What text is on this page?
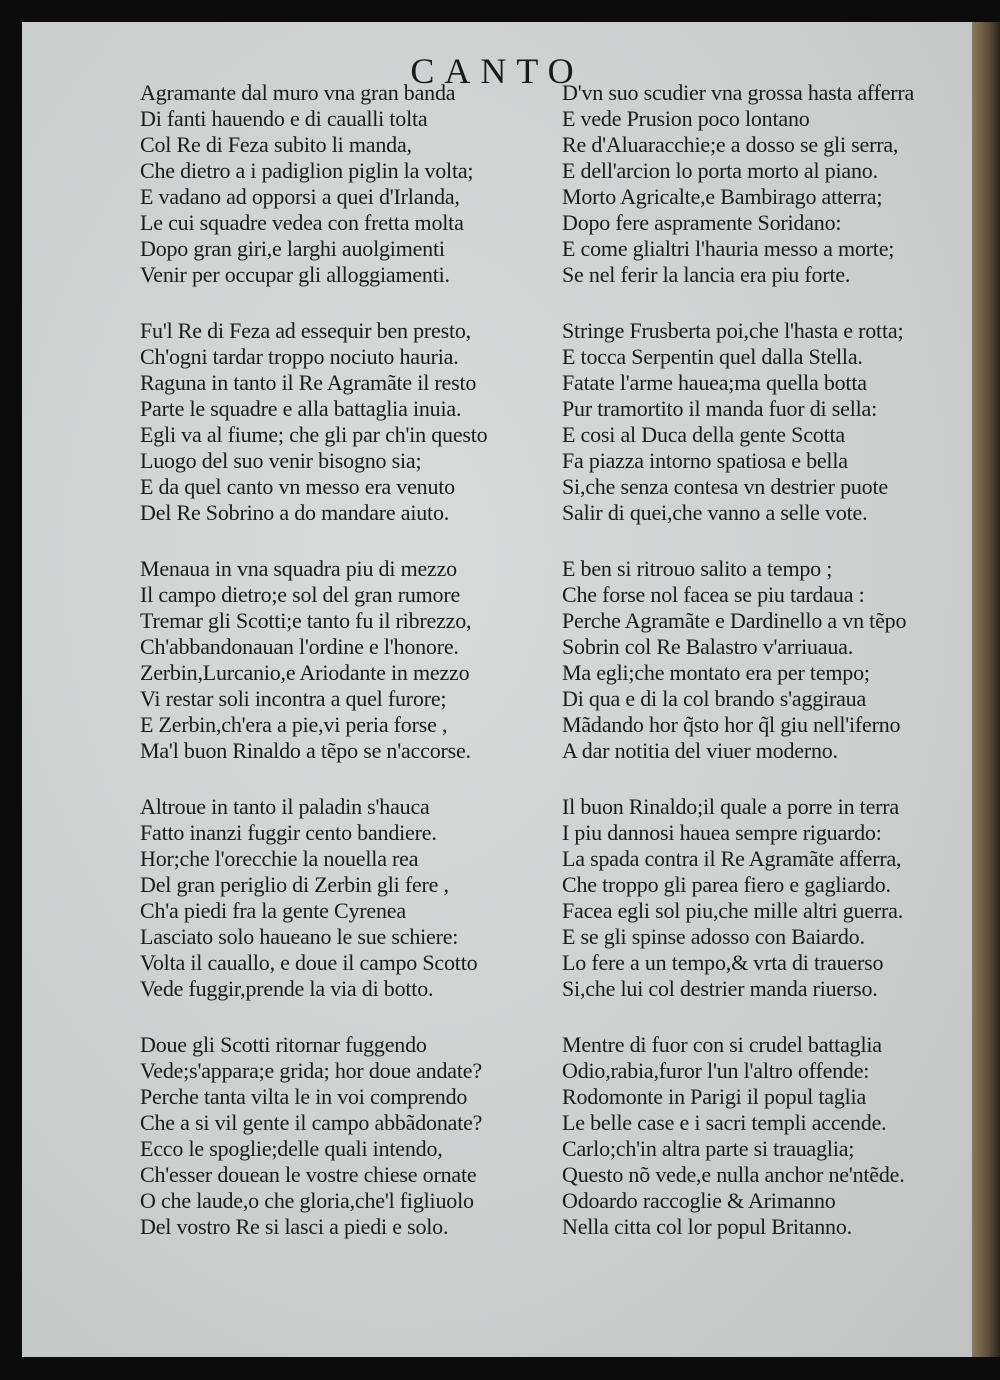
CANTO
Agramante dal muro vna gran banda
Di fanti hauendo e di caualli tolta
Col Re di Feza subito li manda,
Che dietro a i padiglion piglin la volta;
E vadano ad opporsi a quei d'Irlanda,
Le cui squadre vedea con fretta molta
Dopo gran giri,e larghi auolgimenti
Venir per occupar gli alloggiamenti.
Fu'l Re di Feza ad essequir ben presto,
Ch'ogni tardar troppo nociuto hauria.
Raguna in tanto il Re Agramãte il resto
Parte le squadre e alla battaglia inuia.
Egli va al fiume; che gli par ch'in questo
Luogo del suo venir bisogno sia;
E da quel canto vn messo era venuto
Del Re Sobrino a do mandare aiuto.
Menaua in vna squadra piu di mezzo
Il campo dietro;e sol del gran rumore
Tremar gli Scotti;e tanto fu il ribrezzo,
Ch'abbandonauan l'ordine e l'honore.
Zerbin,Lurcanio,e Ariodante in mezzo
Vi restar soli incontra a quel furore;
E Zerbin,ch'era a pie,vi peria forse ,
Ma'l buon Rinaldo a tẽpo se n'accorse.
Altroue in tanto il paladin s'hauca
Fatto inanzi fuggir cento bandiere.
Hor;che l'orecchie la nouella rea
Del gran periglio di Zerbin gli fere ,
Ch'a piedi fra la gente Cyrenea
Lasciato solo haueano le sue schiere:
Volta il cauallo, e doue il campo Scotto
Vede fuggir,prende la via di botto.
Doue gli Scotti ritornar fuggendo
Vede;s'appara;e grida; hor doue andate?
Perche tanta vilta le in voi comprendo
Che a si vil gente il campo abbãdonate?
Ecco le spoglie;delle quali intendo,
Ch'esser douean le vostre chiese ornate
O che laude,o che gloria,che'l figliuolo
Del vostro Re si lasci a piedi e solo.
D'vn suo scudier vna grossa hasta afferra
E vede Prusion poco lontano
Re d'Aluaracchie;e a dosso se gli serra,
E dell'arcion lo porta morto al piano.
Morto Agricalte,e Bambirago atterra;
Dopo fere aspramente Soridano:
E come glialtri l'hauria messo a morte;
Se nel ferir la lancia era piu forte.
Stringe Frusberta poi,che l'hasta e rotta;
E tocca Serpentin quel dalla Stella.
Fatate l'arme hauea;ma quella botta
Pur tramortito il manda fuor di sella:
E cosi al Duca della gente Scotta
Fa piazza intorno spatiosa e bella
Si,che senza contesa vn destrier puote
Salir di quei,che vanno a selle vote.
E ben si ritrouo salito a tempo ;
Che forse nol facea se piu tardaua :
Perche Agramãte e Dardinello a vn tẽpo
Sobrin col Re Balastro v'arriuaua.
Ma egli;che montato era per tempo;
Di qua e di la col brando s'aggiraua
Mãdando hor q̃sto hor q̃l giu nell'iferno
A dar notitia del viuer moderno.
Il buon Rinaldo;il quale a porre in terra
I piu dannosi hauea sempre riguardo:
La spada contra il Re Agramãte afferra,
Che troppo gli parea fiero e gagliardo.
Facea egli sol piu,che mille altri guerra.
E se gli spinse adosso con Baiardo.
Lo fere a un tempo,& vrta di trauerso
Si,che lui col destrier manda riuerso.
Mentre di fuor con si crudel battaglia
Odio,rabia,furor l'un l'altro offende:
Rodomonte in Parigi il popul taglia
Le belle case e i sacri templi accende.
Carlo;ch'in altra parte si trauaglia;
Questo nõ vede,e nulla anchor ne'ntẽde.
Odoardo raccoglie & Arimanno
Nella citta col lor popul Britanno.
